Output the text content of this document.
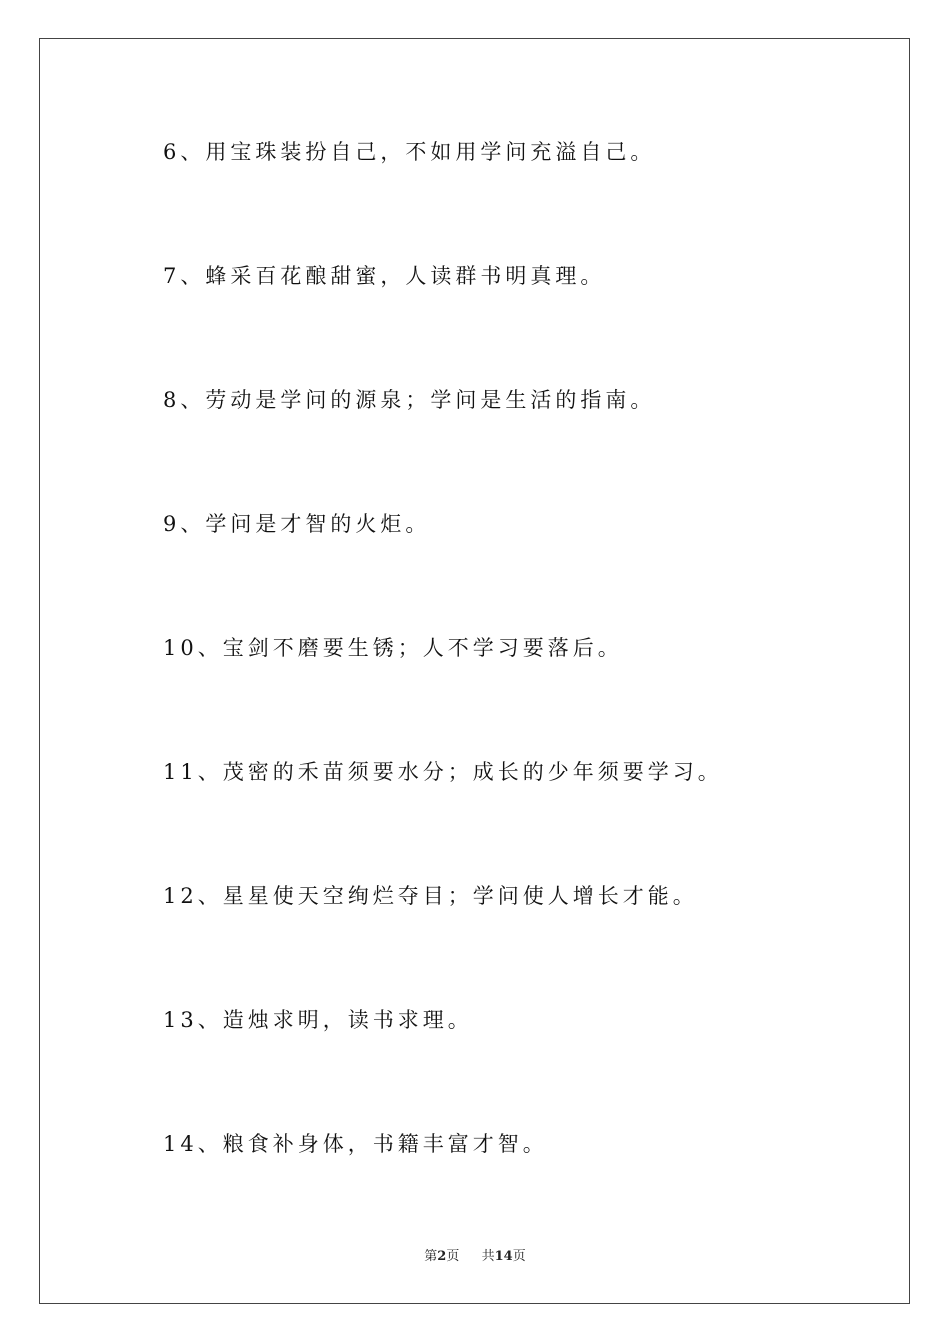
6、用宝珠装扮自己，不如用学问充溢自己。
7、蜂采百花酿甜蜜，人读群书明真理。
8、劳动是学问的源泉；学问是生活的指南。
9、学问是才智的火炬。
10、宝剑不磨要生锈；人不学习要落后。
11、茂密的禾苗须要水分；成长的少年须要学习。
12、星星使天空绚烂夺目；学问使人增长才能。
13、造烛求明，读书求理。
14、粮食补身体，书籍丰富才智。
第2页 共14页
